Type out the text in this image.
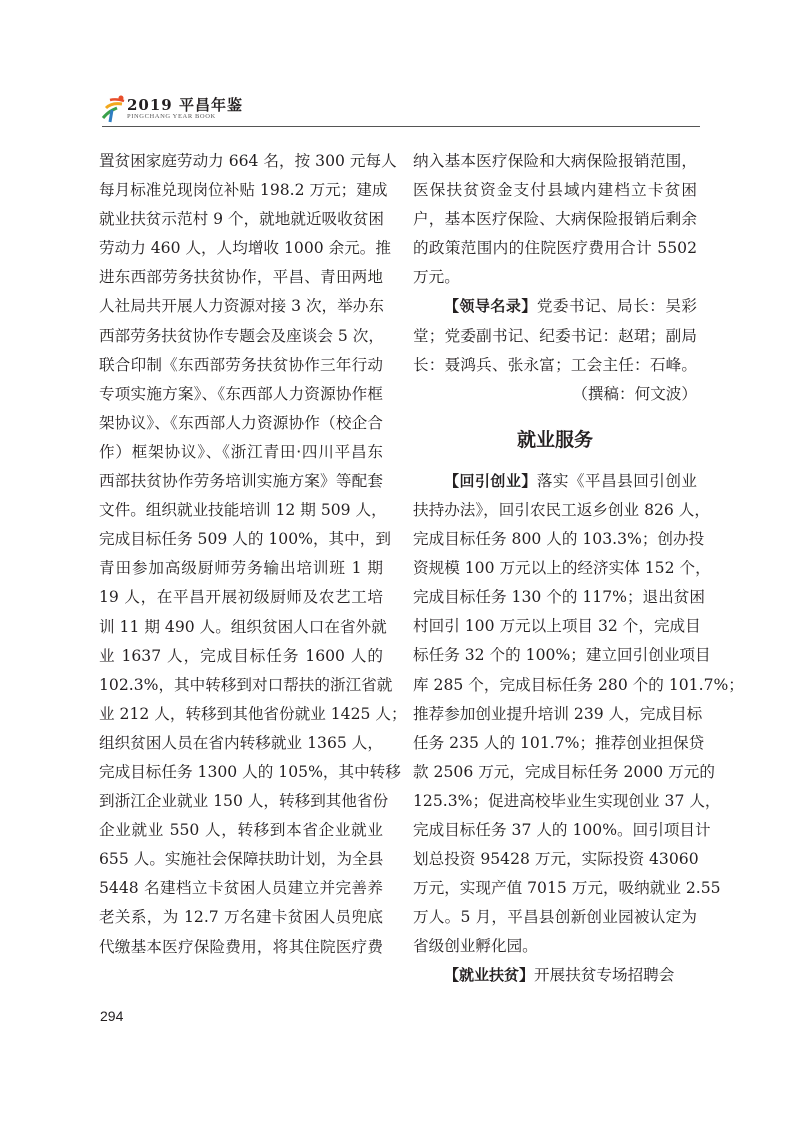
2019 平昌年鉴
PINGCHANG YEAR BOOK
置贫困家庭劳动力 664 名，按 300 元每人
每月标准兑现岗位补贴 198.2 万元；建成
就业扶贫示范村 9 个，就地就近吸收贫困
劳动力 460 人，人均增收 1000 余元。推
进东西部劳务扶贫协作，平昌、青田两地
人社局共开展人力资源对接 3 次，举办东
西部劳务扶贫协作专题会及座谈会 5 次，
联合印制《东西部劳务扶贫协作三年行动
专项实施方案》、《东西部人力资源协作框
架协议》、《东西部人力资源协作（校企合
作）框架协议》、《浙江青田·四川平昌东
西部扶贫协作劳务培训实施方案》等配套
文件。组织就业技能培训 12 期 509 人，
完成目标任务 509 人的 100%，其中，到
青田参加高级厨师劳务输出培训班 1 期
19 人，在平昌开展初级厨师及农艺工培
训 11 期 490 人。组织贫困人口在省外就
业 1637 人，完成目标任务 1600 人的
102.3%，其中转移到对口帮扶的浙江省就
业 212 人，转移到其他省份就业 1425 人；
组织贫困人员在省内转移就业 1365 人，
完成目标任务 1300 人的 105%，其中转移
到浙江企业就业 150 人，转移到其他省份
企业就业 550 人，转移到本省企业就业
655 人。实施社会保障扶助计划，为全县
5448 名建档立卡贫困人员建立并完善养
老关系，为 12.7 万名建卡贫困人员兜底
代缴基本医疗保险费用，将其住院医疗费
纳入基本医疗保险和大病保险报销范围，
医保扶贫资金支付县域内建档立卡贫困
户，基本医疗保险、大病保险报销后剩余
的政策范围内的住院医疗费用合计 5502
万元。
【领导名录】党委书记、局长：吴彩
堂；党委副书记、纪委书记：赵珺；副局
长：聂鸿兵、张永富；工会主任：石峰。
（撰稿：何文波）
就业服务
【回引创业】落实《平昌县回引创业
扶持办法》，回引农民工返乡创业 826 人，
完成目标任务 800 人的 103.3%；创办投
资规模 100 万元以上的经济实体 152 个，
完成目标任务 130 个的 117%；退出贫困
村回引 100 万元以上项目 32 个，完成目
标任务 32 个的 100%；建立回引创业项目
库 285 个，完成目标任务 280 个的 101.7%；
推荐参加创业提升培训 239 人，完成目标
任务 235 人的 101.7%；推荐创业担保贷
款 2506 万元，完成目标任务 2000 万元的
125.3%；促进高校毕业生实现创业 37 人，
完成目标任务 37 人的 100%。回引项目计
划总投资 95428 万元，实际投资 43060
万元，实现产值 7015 万元，吸纳就业 2.55
万人。5 月，平昌县创新创业园被认定为
省级创业孵化园。
【就业扶贫】开展扶贫专场招聘会
294
